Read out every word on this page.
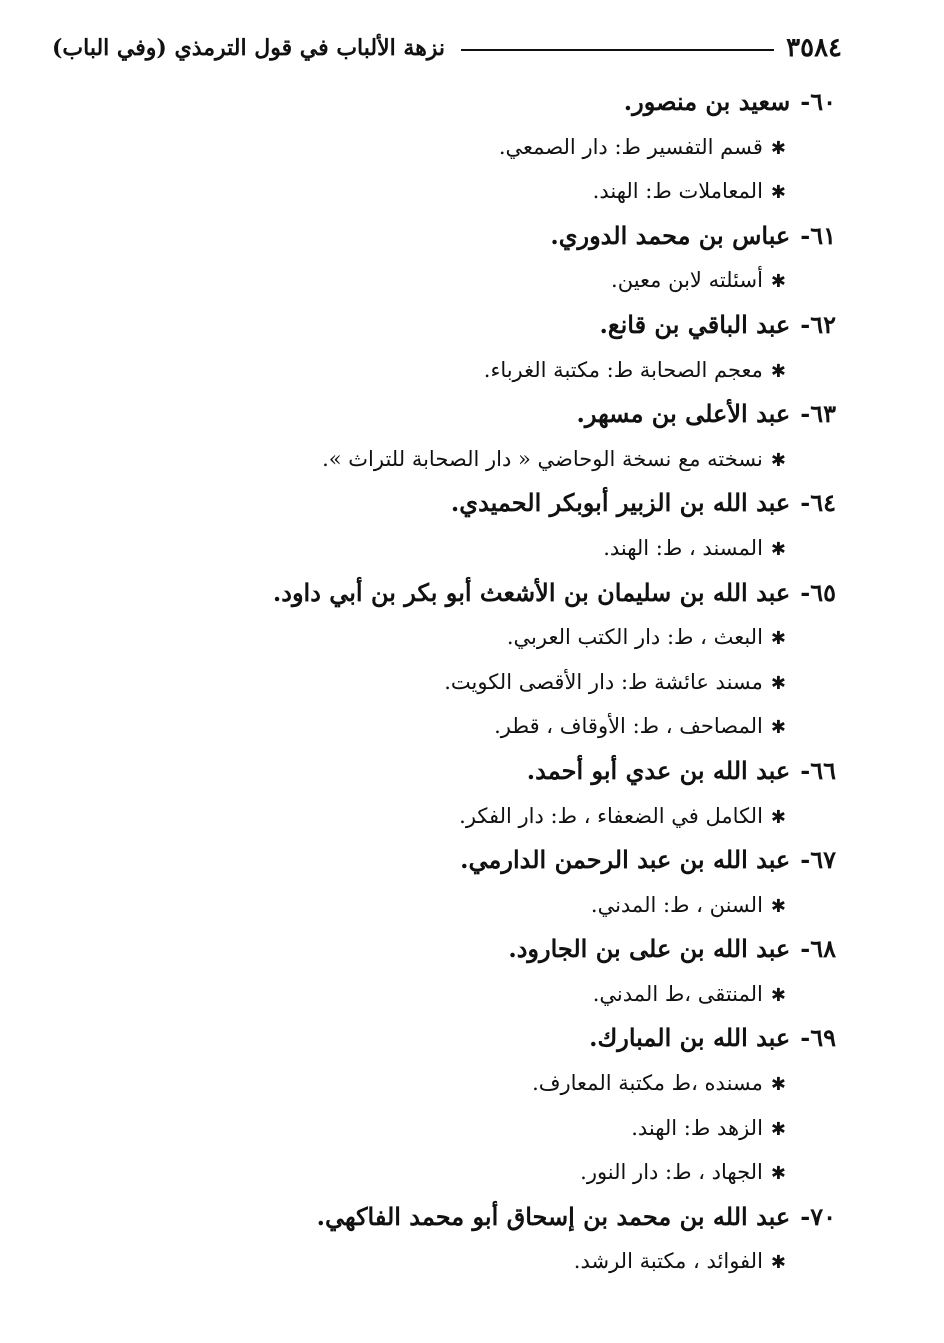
٣٥٨٤
نزهة الألباب في قول الترمذي (وفي الباب)
٦٠-سعيد بن منصور.
✱قسم التفسير ط: دار الصمعي.
✱المعاملات ط: الهند.
٦١-عباس بن محمد الدوري.
✱أسئلته لابن معين.
٦٢-عبد الباقي بن قانع.
✱معجم الصحابة ط: مكتبة الغرباء.
٦٣-عبد الأعلى بن مسهر.
✱نسخته مع نسخة الوحاضي « دار الصحابة للتراث ».
٦٤-عبد الله بن الزبير أبوبكر الحميدي.
✱المسند ، ط: الهند.
٦٥-عبد الله بن سليمان بن الأشعث أبو بكر بن أبي داود.
✱البعث ، ط: دار الكتب العربي.
✱مسند عائشة ط: دار الأقصى الكويت.
✱المصاحف ، ط: الأوقاف ، قطر.
٦٦-عبد الله بن عدي أبو أحمد.
✱الكامل في الضعفاء ، ط: دار الفكر.
٦٧-عبد الله بن عبد الرحمن الدارمي.
✱السنن ، ط: المدني.
٦٨-عبد الله بن على بن الجارود.
✱المنتقى ،ط المدني.
٦٩-عبد الله بن المبارك.
✱مسنده ،ط مكتبة المعارف.
✱الزهد ط: الهند.
✱الجهاد ، ط: دار النور.
٧٠-عبد الله بن محمد بن إسحاق أبو محمد الفاكهي.
✱الفوائد ، مكتبة الرشد.
